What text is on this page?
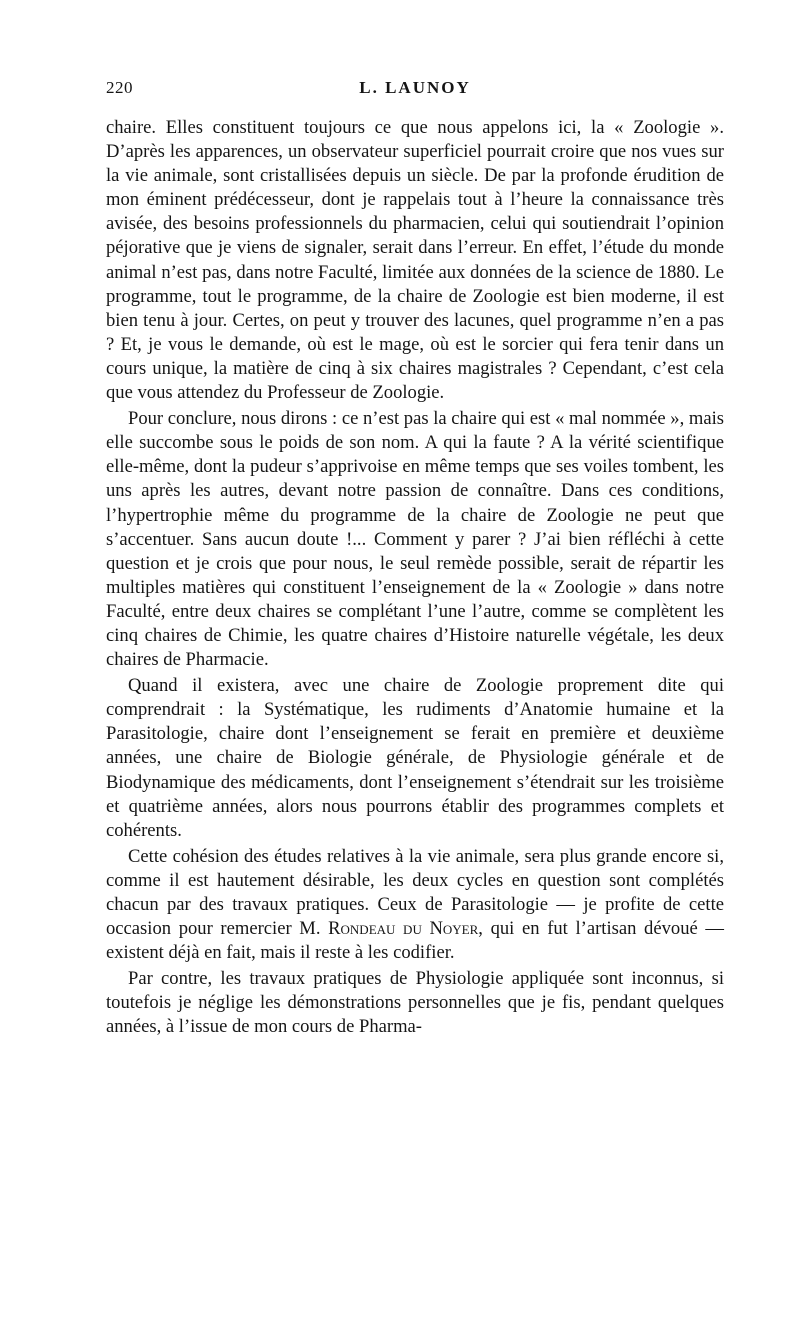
220	L. LAUNOY

chaire. Elles constituent toujours ce que nous appelons ici, la « Zoologie ». D’après les apparences, un observateur superficiel pourrait croire que nos vues sur la vie animale, sont cristallisées depuis un siècle. De par la profonde érudition de mon éminent prédécesseur, dont je rappelais tout à l’heure la connaissance très avisée, des besoins professionnels du pharmacien, celui qui soutiendrait l’opinion péjorative que je viens de signaler, serait dans l’erreur. En effet, l’étude du monde animal n’est pas, dans notre Faculté, limitée aux données de la science de 1880. Le programme, tout le programme, de la chaire de Zoologie est bien moderne, il est bien tenu à jour. Certes, on peut y trouver des lacunes, quel programme n’en a pas ? Et, je vous le demande, où est le mage, où est le sorcier qui fera tenir dans un cours unique, la matière de cinq à six chaires magistrales ? Cependant, c’est cela que vous attendez du Professeur de Zoologie.

Pour conclure, nous dirons : ce n’est pas la chaire qui est « mal nommée », mais elle succombe sous le poids de son nom. A qui la faute ? A la vérité scientifique elle-même, dont la pudeur s’apprivoise en même temps que ses voiles tombent, les uns après les autres, devant notre passion de connaître. Dans ces conditions, l’hypertrophie même du programme de la chaire de Zoologie ne peut que s’accentuer. Sans aucun doute !... Comment y parer ? J’ai bien réfléchi à cette question et je crois que pour nous, le seul remède possible, serait de répartir les multiples matières qui constituent l’enseignement de la « Zoologie » dans notre Faculté, entre deux chaires se complétant l’une l’autre, comme se complètent les cinq chaires de Chimie, les quatre chaires d’Histoire naturelle végétale, les deux chaires de Pharmacie.

Quand il existera, avec une chaire de Zoologie proprement dite qui comprendrait : la Systématique, les rudiments d’Anatomie humaine et la Parasitologie, chaire dont l’enseignement se ferait en première et deuxième années, une chaire de Biologie générale, de Physiologie générale et de Biodynamique des médicaments, dont l’enseignement s’étendrait sur les troisième et quatrième années, alors nous pourrons établir des programmes complets et cohérents.

Cette cohésion des études relatives à la vie animale, sera plus grande encore si, comme il est hautement désirable, les deux cycles en question sont complétés chacun par des travaux pratiques. Ceux de Parasitologie — je profite de cette occasion pour remercier M. Rondeau du Noyer, qui en fut l’artisan dévoué — existent déjà en fait, mais il reste à les codifier.

Par contre, les travaux pratiques de Physiologie appliquée sont inconnus, si toutefois je néglige les démonstrations personnelles que je fis, pendant quelques années, à l’issue de mon cours de Pharma-
